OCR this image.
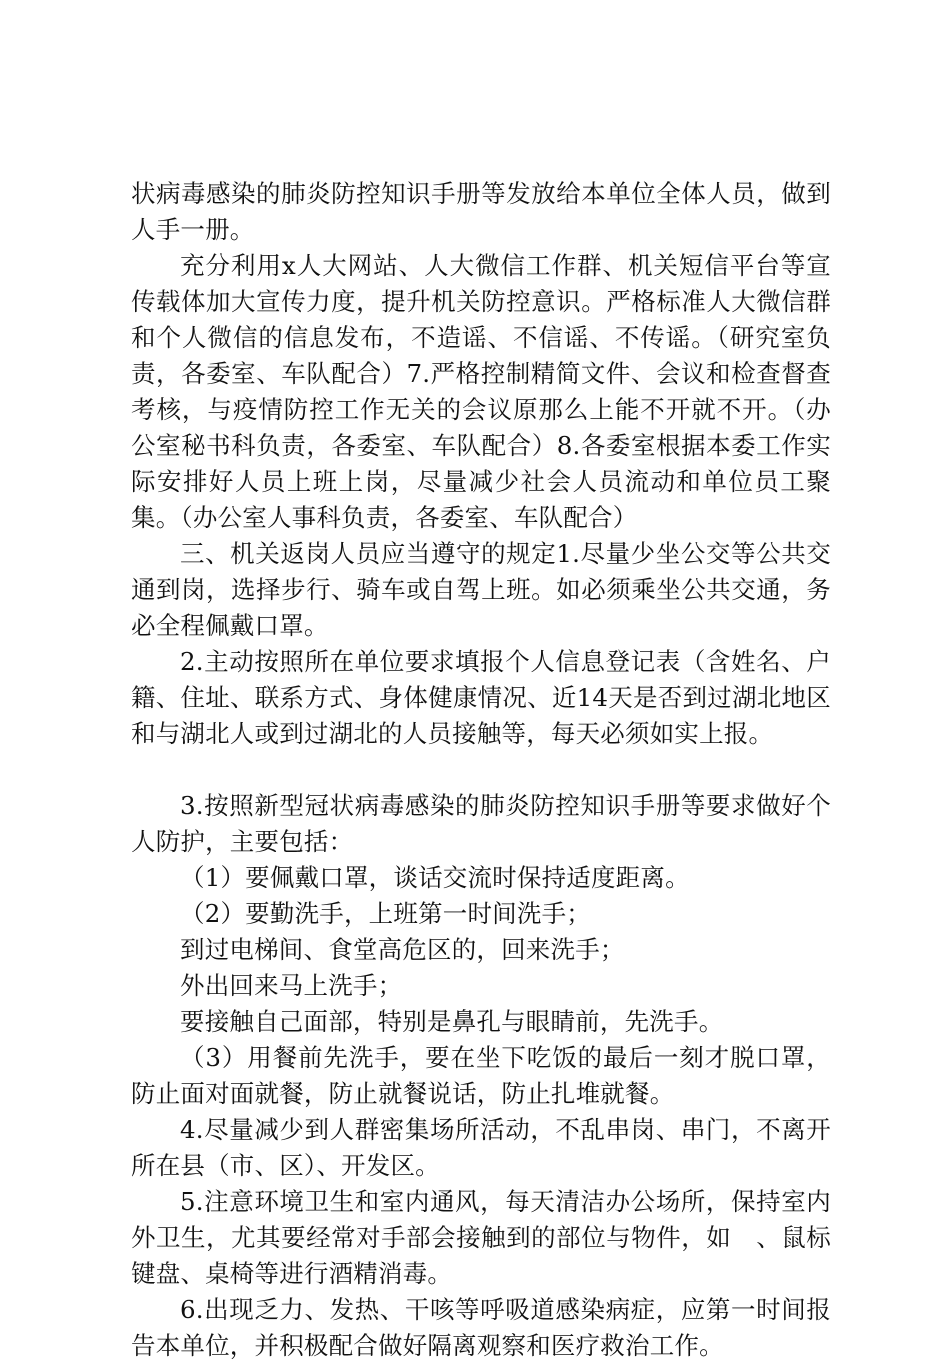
状病毒感染的肺炎防控知识手册等发放给本单位全体人员，做到人手一册。

充分利用x人大网站、人大微信工作群、机关短信平台等宣传载体加大宣传力度，提升机关防控意识。严格标准人大微信群和个人微信的信息发布，不造谣、不信谣、不传谣。（研究室负责，各委室、车队配合）7.严格控制精简文件、会议和检查督查考核，与疫情防控工作无关的会议原那么上能不开就不开。（办公室秘书科负责，各委室、车队配合）8.各委室根据本委工作实际安排好人员上班上岗，尽量减少社会人员流动和单位员工聚集。（办公室人事科负责，各委室、车队配合）

三、机关返岗人员应当遵守的规定1.尽量少坐公交等公共交通到岗，选择步行、骑车或自驾上班。如必须乘坐公共交通，务必全程佩戴口罩。

2.主动按照所在单位要求填报个人信息登记表（含姓名、户籍、住址、联系方式、身体健康情况、近14天是否到过湖北地区和与湖北人或到过湖北的人员接触等，每天必须如实上报。

3.按照新型冠状病毒感染的肺炎防控知识手册等要求做好个人防护，主要包括：

（1）要佩戴口罩，谈话交流时保持适度距离。

（2）要勤洗手，上班第一时间洗手；

到过电梯间、食堂高危区的，回来洗手；

外出回来马上洗手；

要接触自己面部，特别是鼻孔与眼睛前，先洗手。

（3）用餐前先洗手，要在坐下吃饭的最后一刻才脱口罩，防止面对面就餐，防止就餐说话，防止扎堆就餐。

4.尽量减少到人群密集场所活动，不乱串岗、串门，不离开所在县（市、区）、开发区。

5.注意环境卫生和室内通风，每天清洁办公场所，保持室内外卫生，尤其要经常对手部会接触到的部位与物件，如　、鼠标键盘、桌椅等进行酒精消毒。

6.出现乏力、发热、干咳等呼吸道感染病症，应第一时间报告本单位，并积极配合做好隔离观察和医疗救治工作。
